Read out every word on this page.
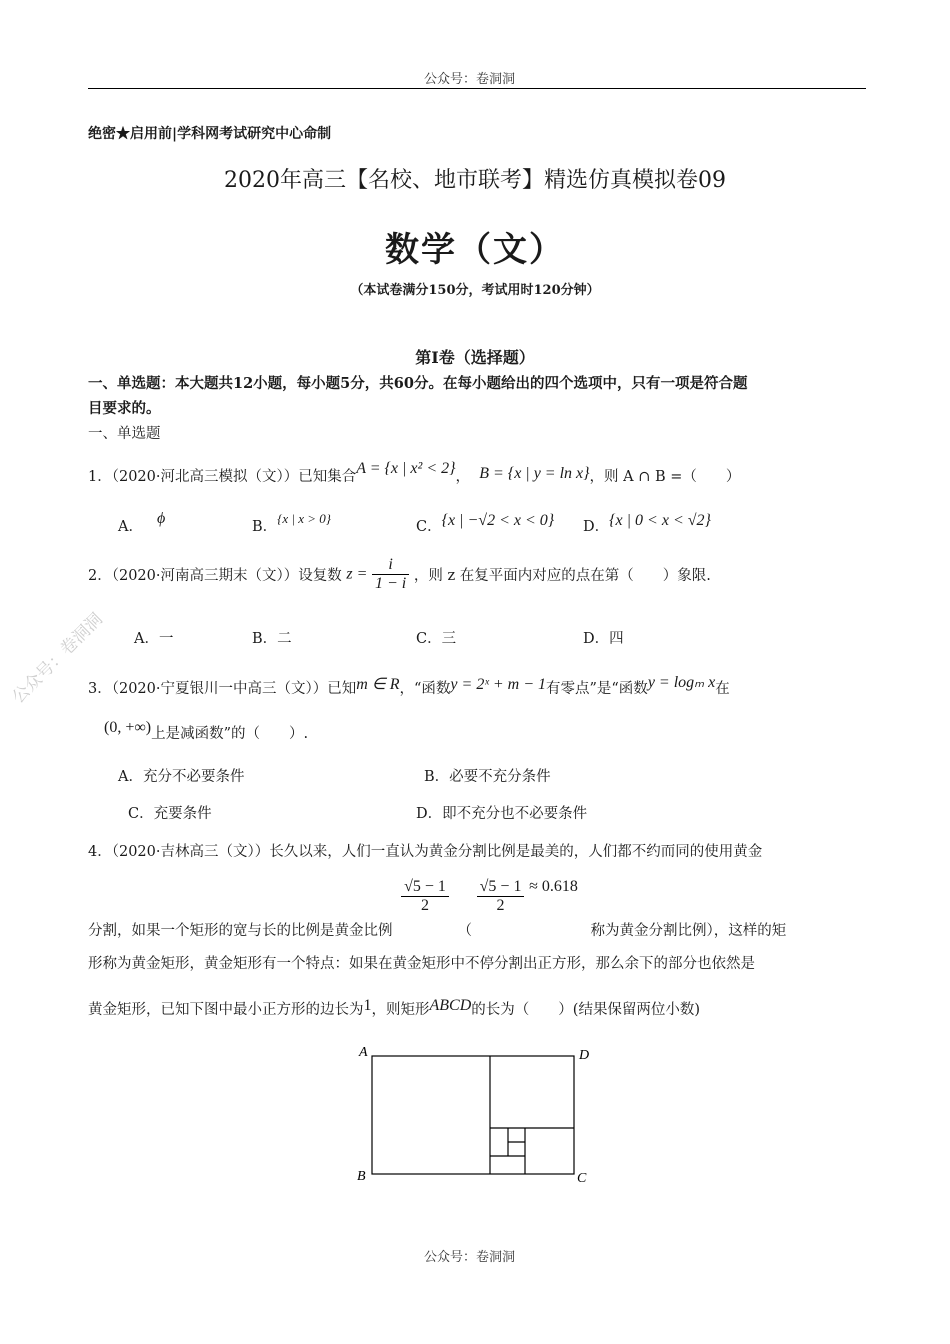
公众号：卷洞洞
公众号：卷洞洞
绝密★启用前|学科网考试研究中心命制
2020年高三【名校、地市联考】精选仿真模拟卷09
数学（文）
（本试卷满分150分，考试用时120分钟）
第Ⅰ卷（选择题）
一、单选题：本大题共12小题，每小题5分，共60分。在每小题给出的四个选项中，只有一项是符合题
目要求的。
一、单选题
1．（2020·河北高三模拟（文））已知集合A = {x | x² < 2}， B = {x | y = ln x}，则 A ∩ B =（　　）
A． ϕ	B．{x | x > 0}
C．{x | −√2 < x < 0} D．{x | 0 < x < √2}
2．（2020·河南高三期末（文））设复数 $z = \frac{i}{1 - i}$ ，则 z 在复平面内对应的点在第（　　）象限.
A．一	B．二	C．三	D．四
3．（2020·宁夏银川一中高三（文））已知m ∈ R，“函数y = 2ˣ + m − 1有零点”是“函数y = logₘ x在
(0, +∞)上是减函数”的（　　）.
A．充分不必要条件	B．必要不充分条件
C．充要条件	D．即不充分也不必要条件
4．（2020·吉林高三（文））长久以来，人们一直认为黄金分割比例是最美的，人们都不约而同的使用黄金
分割，如果一个矩形的宽与长的比例是黄金比例
$\frac{√5 - 1}{2}$
（
$\frac{√5 - 1}{2} \approx 0.618$ 称为黄金分割比例），这样的矩
形称为黄金矩形，黄金矩形有一个特点：如果在黄金矩形中不停分割出正方形，那么余下的部分也依然是
黄金矩形，已知下图中最小正方形的边长为1，则矩形ABCD的长为（　　）(结果保留两位小数)
A	D
B	C
公众号：卷洞洞
